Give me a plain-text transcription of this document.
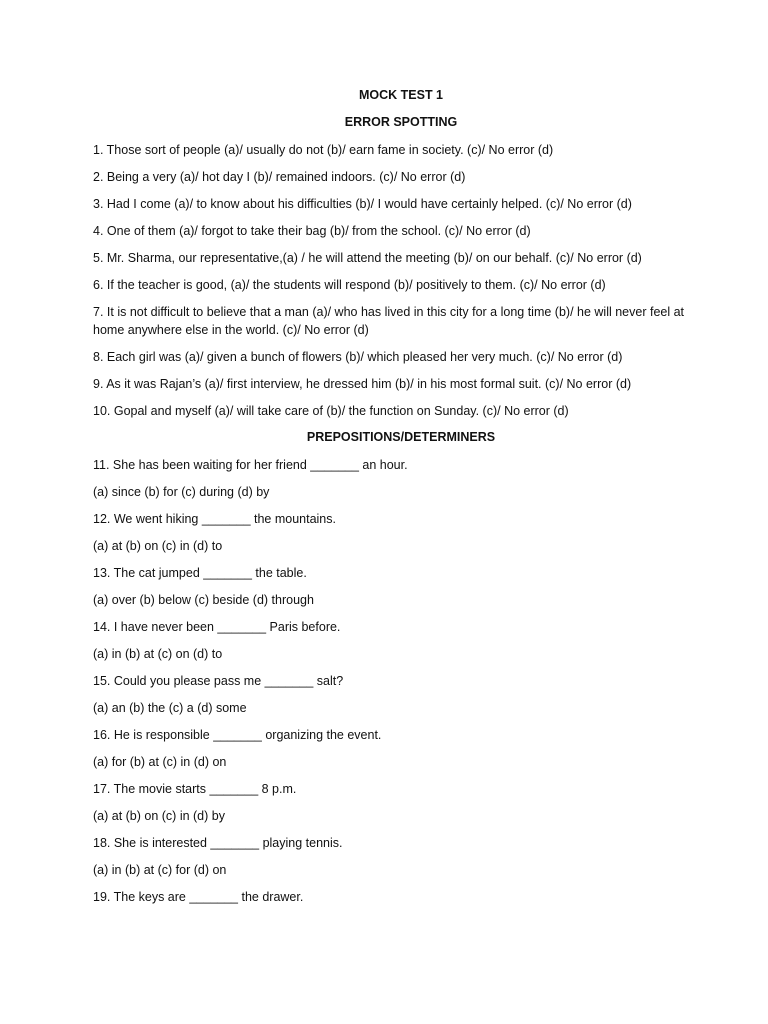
MOCK TEST 1
ERROR SPOTTING

1. Those sort of people (a)/ usually do not (b)/ earn fame in society. (c)/ No error (d)

2. Being a very (a)/ hot day I (b)/ remained indoors. (c)/ No error (d)

3. Had I come (a)/ to know about his difficulties (b)/ I would have certainly helped. (c)/ No error (d)

4. One of them (a)/ forgot to take their bag (b)/ from the school. (c)/ No error (d)

5. Mr. Sharma, our representative,(a) / he will attend the meeting (b)/ on our behalf. (c)/ No error (d)

6. If the teacher is good, (a)/ the students will respond (b)/ positively to them. (c)/ No error (d)

7. It is not difficult to believe that a man (a)/ who has lived in this city for a long time (b)/ he will never feel at home anywhere else in the world. (c)/ No error (d)

8. Each girl was (a)/ given a bunch of flowers (b)/ which pleased her very much. (c)/ No error (d)

9. As it was Rajan’s (a)/ first interview, he dressed him (b)/ in his most formal suit. (c)/ No error (d)

10. Gopal and myself (a)/ will take care of (b)/ the function on Sunday. (c)/ No error (d)

PREPOSITIONS/DETERMINERS

11. She has been waiting for her friend _______ an hour.

(a) since (b) for (c) during (d) by

12. We went hiking _______ the mountains.

(a) at (b) on (c) in (d) to

13. The cat jumped _______ the table.

(a) over (b) below (c) beside (d) through

14. I have never been _______ Paris before.

(a) in (b) at (c) on (d) to

15. Could you please pass me _______ salt?

(a) an (b) the (c) a (d) some

16. He is responsible _______ organizing the event.

(a) for (b) at (c) in (d) on

17. The movie starts _______ 8 p.m.

(a) at (b) on (c) in (d) by

18. She is interested _______ playing tennis.

(a) in (b) at (c) for (d) on

19. The keys are _______ the drawer.
